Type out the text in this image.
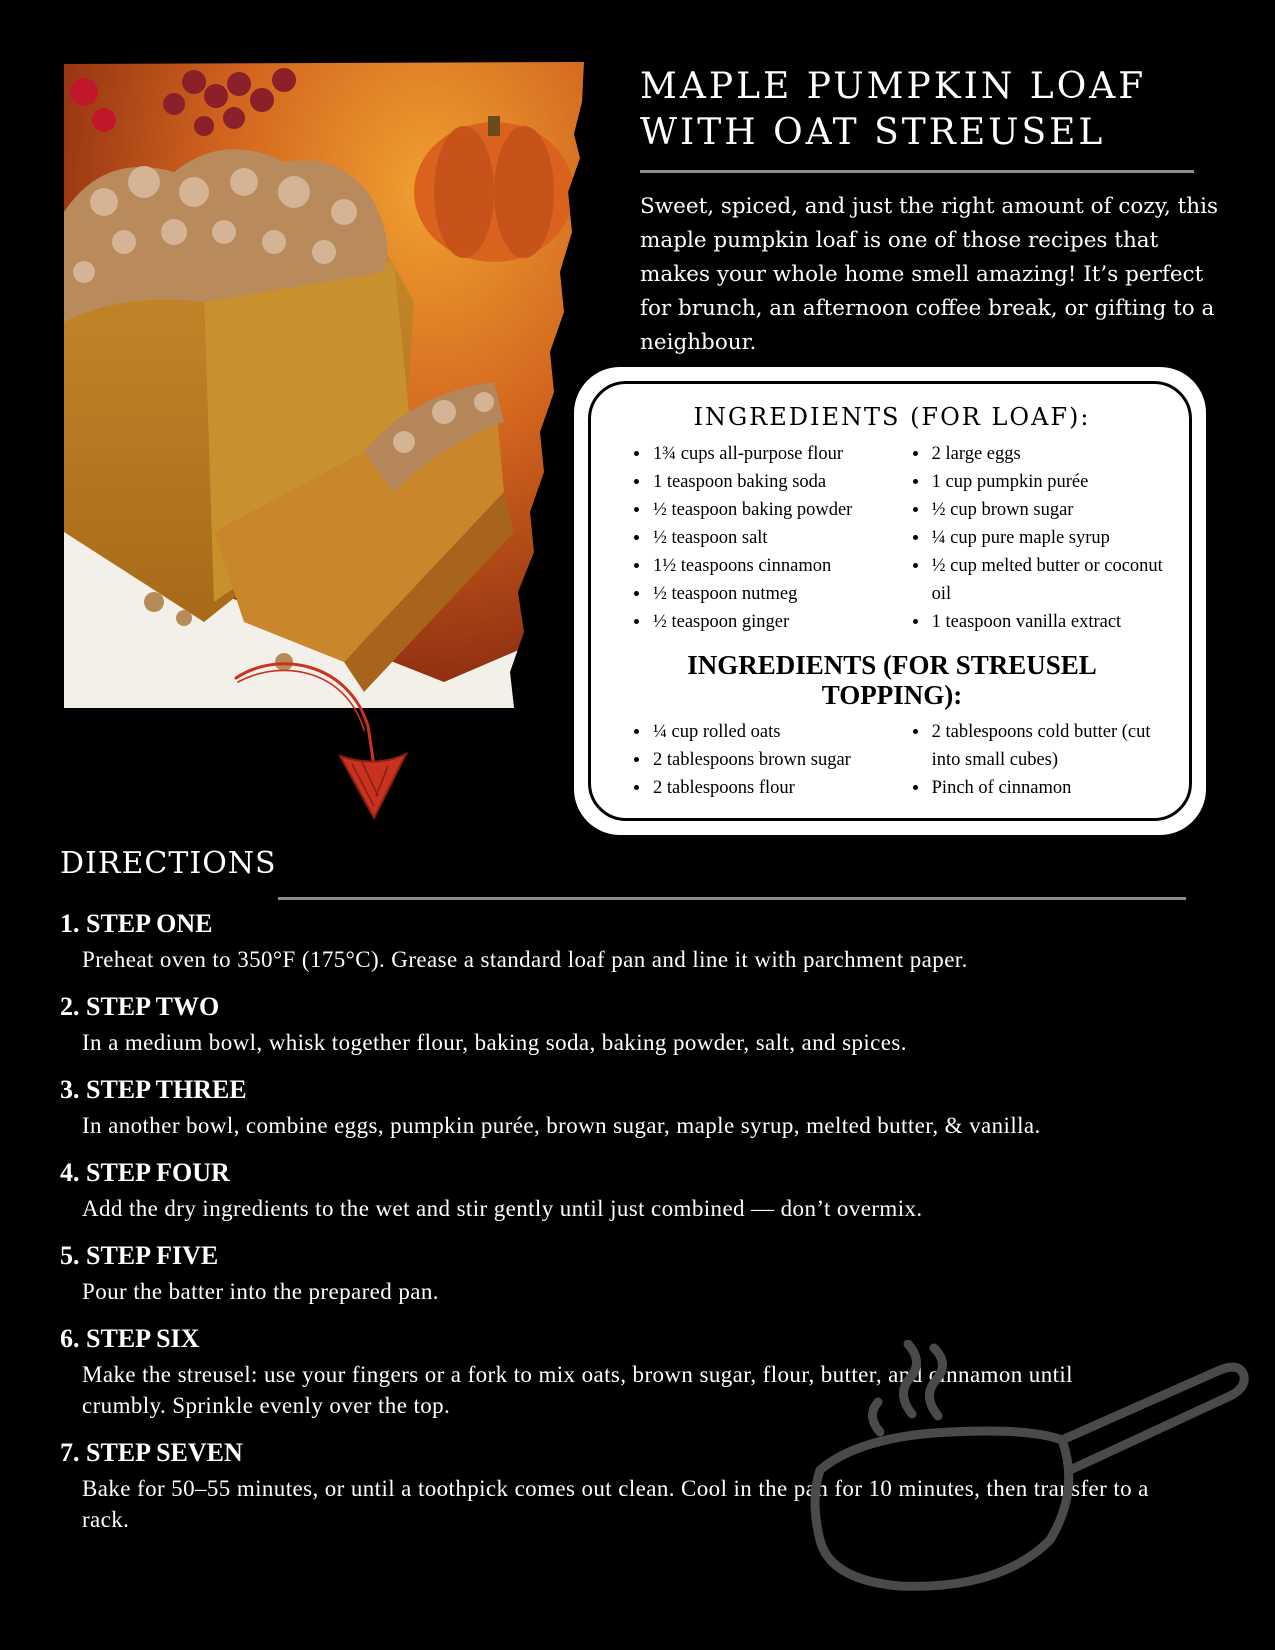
MAPLE PUMPKIN LOAF
WITH OAT STREUSEL

Sweet, spiced, and just the right amount of cozy, this maple pumpkin loaf is one of those recipes that makes your whole home smell amazing! It’s perfect for brunch, an afternoon coffee break, or gifting to a neighbour.

INGREDIENTS (FOR LOAF):
• 1¾ cups all-purpose flour
• 1 teaspoon baking soda
• ½ teaspoon baking powder
• ½ teaspoon salt
• 1½ teaspoons cinnamon
• ½ teaspoon nutmeg
• ½ teaspoon ginger
• 2 large eggs
• 1 cup pumpkin purée
• ½ cup brown sugar
• ¼ cup pure maple syrup
• ½ cup melted butter or coconut oil
• 1 teaspoon vanilla extract
INGREDIENTS (FOR STREUSEL TOPPING):
• ¼ cup rolled oats
• 2 tablespoons brown sugar
• 2 tablespoons flour
• 2 tablespoons cold butter (cut into small cubes)
• Pinch of cinnamon
DIRECTIONS
1. STEP ONE
Preheat oven to 350°F (175°C). Grease a standard loaf pan and line it with parchment paper.
2. STEP TWO
In a medium bowl, whisk together flour, baking soda, baking powder, salt, and spices.
3. STEP THREE
In another bowl, combine eggs, pumpkin purée, brown sugar, maple syrup, melted butter, & vanilla.
4. STEP FOUR
Add the dry ingredients to the wet and stir gently until just combined — don’t overmix.
5. STEP FIVE
Pour the batter into the prepared pan.
6. STEP SIX
Make the streusel: use your fingers or a fork to mix oats, brown sugar, flour, butter, and cinnamon until crumbly. Sprinkle evenly over the top.
7. STEP SEVEN
Bake for 50–55 minutes, or until a toothpick comes out clean. Cool in the pan for 10 minutes, then transfer to a rack.
